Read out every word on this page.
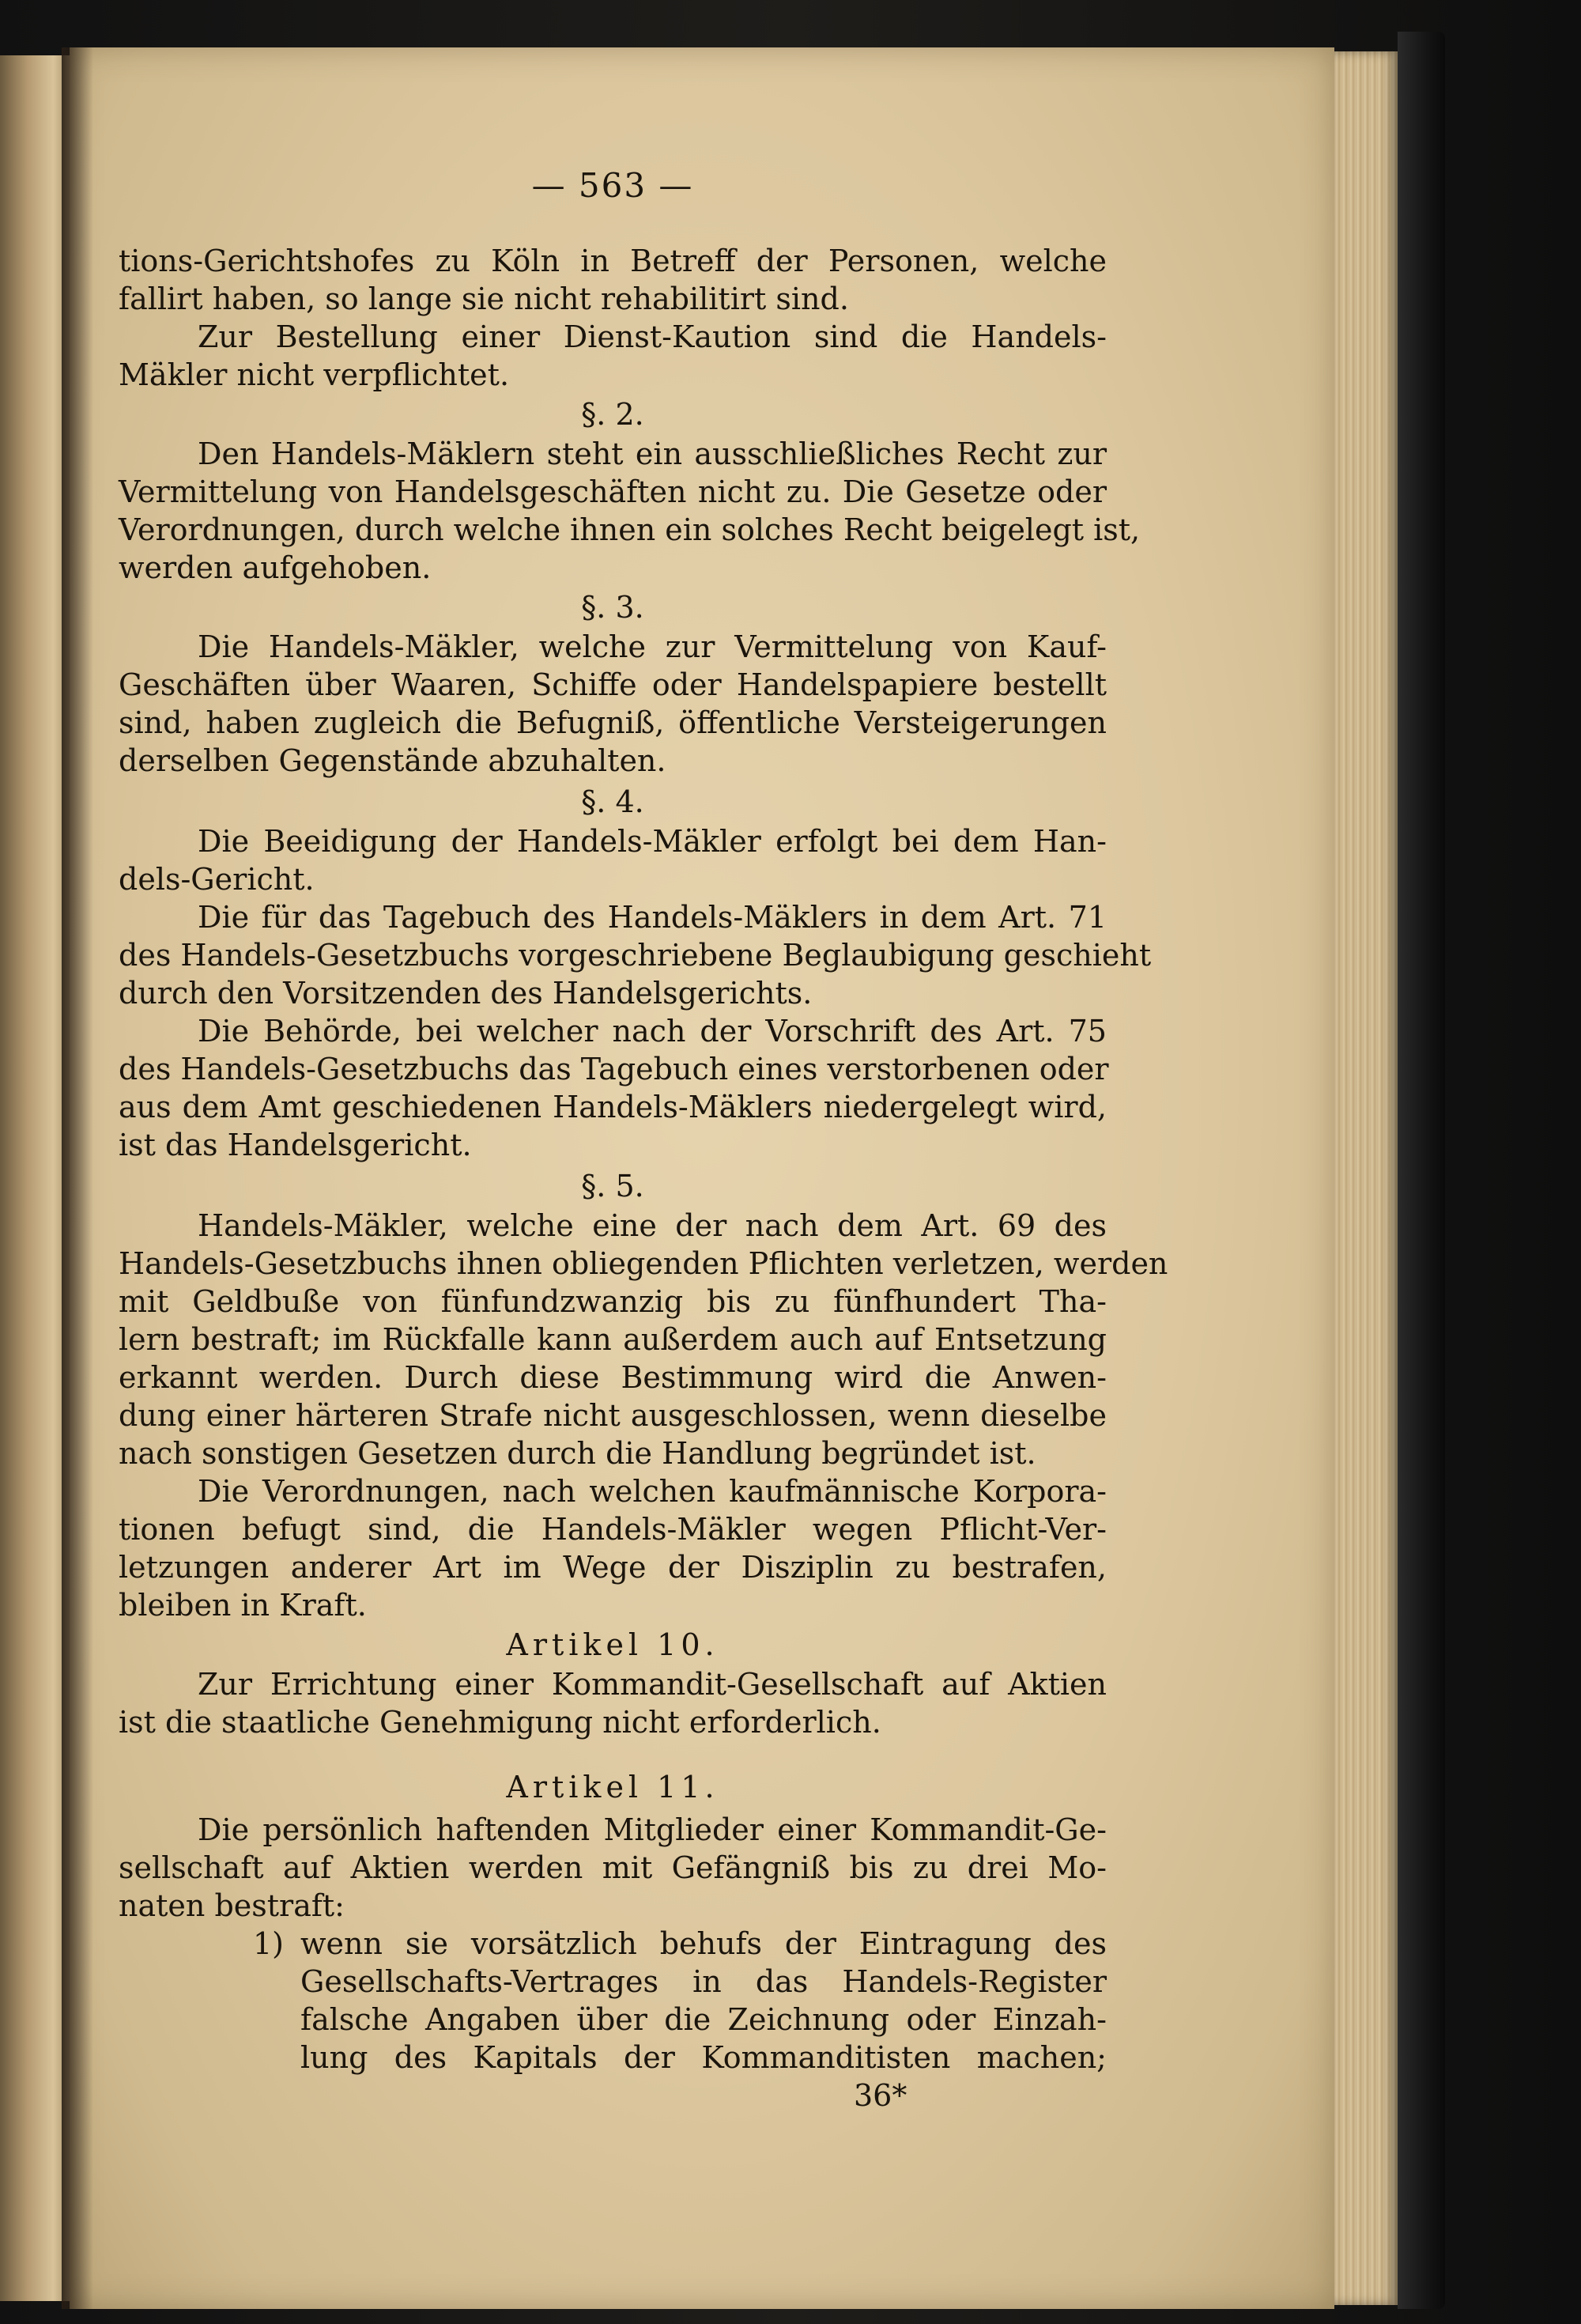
— 563 —
tions-Gerichtshofes zu Köln in Betreff der Personen, welche
fallirt haben, so lange sie nicht rehabilitirt sind.
Zur Bestellung einer Dienst-Kaution sind die Handels-
Mäkler nicht verpflichtet.
§. 2.
Den Handels-Mäklern steht ein ausschließliches Recht zur
Vermittelung von Handelsgeschäften nicht zu. Die Gesetze oder
Verordnungen, durch welche ihnen ein solches Recht beigelegt ist,
werden aufgehoben.
§. 3.
Die Handels-Mäkler, welche zur Vermittelung von Kauf-
Geschäften über Waaren, Schiffe oder Handelspapiere bestellt
sind, haben zugleich die Befugniß, öffentliche Versteigerungen
derselben Gegenstände abzuhalten.
§. 4.
Die Beeidigung der Handels-Mäkler erfolgt bei dem Han-
dels-Gericht.
Die für das Tagebuch des Handels-Mäklers in dem Art. 71
des Handels-Gesetzbuchs vorgeschriebene Beglaubigung geschieht
durch den Vorsitzenden des Handelsgerichts.
Die Behörde, bei welcher nach der Vorschrift des Art. 75
des Handels-Gesetzbuchs das Tagebuch eines verstorbenen oder
aus dem Amt geschiedenen Handels-Mäklers niedergelegt wird,
ist das Handelsgericht.
§. 5.
Handels-Mäkler, welche eine der nach dem Art. 69 des
Handels-Gesetzbuchs ihnen obliegenden Pflichten verletzen, werden
mit Geldbuße von fünfundzwanzig bis zu fünfhundert Tha-
lern bestraft; im Rückfalle kann außerdem auch auf Entsetzung
erkannt werden. Durch diese Bestimmung wird die Anwen-
dung einer härteren Strafe nicht ausgeschlossen, wenn dieselbe
nach sonstigen Gesetzen durch die Handlung begründet ist.
Die Verordnungen, nach welchen kaufmännische Korpora-
tionen befugt sind, die Handels-Mäkler wegen Pflicht-Ver-
letzungen anderer Art im Wege der Disziplin zu bestrafen,
bleiben in Kraft.
Artikel 10.
Zur Errichtung einer Kommandit-Gesellschaft auf Aktien
ist die staatliche Genehmigung nicht erforderlich.
Artikel 11.
Die persönlich haftenden Mitglieder einer Kommandit-Ge-
sellschaft auf Aktien werden mit Gefängniß bis zu drei Mo-
naten bestraft:
1) wenn sie vorsätzlich behufs der Eintragung des
Gesellschafts-Vertrages in das Handels-Register
falsche Angaben über die Zeichnung oder Einzah-
lung des Kapitals der Kommanditisten machen;
36*
